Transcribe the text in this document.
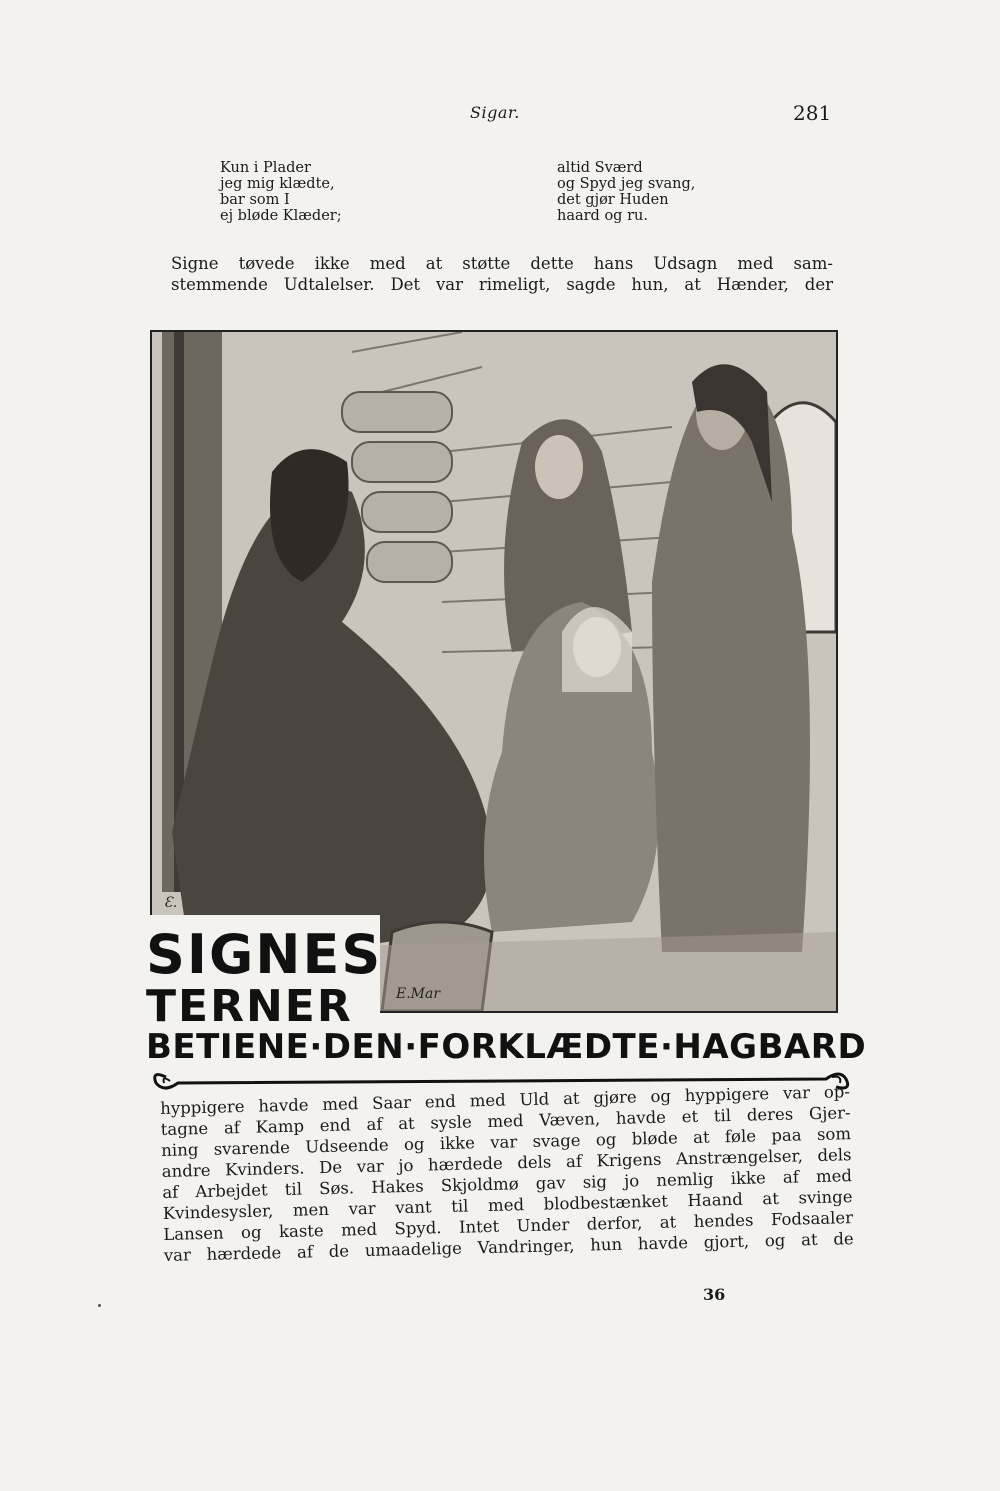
Sigar.	281
Kun i Plader
jeg mig klædte,
bar som I
ej bløde Klæder;
altid Sværd
og Spyd jeg svang,
det gjør Huden
haard og ru.
Signe tøvede ikke med at støtte dette hans Udsagn med sam-
stemmende Udtalelser. Det var rimeligt, sagde hun, at Hænder, der
Ɛ.
E.Mar
SIGNES
TERNER
BETIENE·DEN·FORKLÆDTE·HAGBARD
hyppigere havde med Saar end med Uld at gjøre og hyppigere var op-
tagne af Kamp end af at sysle med Væven, havde et til deres Gjer-
ning svarende Udseende og ikke var svage og bløde at føle paa som
andre Kvinders. De var jo hærdede dels af Krigens Anstrængelser, dels
af Arbejdet til Søs. Hakes Skjoldmø gav sig jo nemlig ikke af med
Kvindesysler, men var vant til med blodbestænket Haand at svinge
Lansen og kaste med Spyd. Intet Under derfor, at hendes Fodsaaler
var hærdede af de umaadelige Vandringer, hun havde gjort, og at de
36
